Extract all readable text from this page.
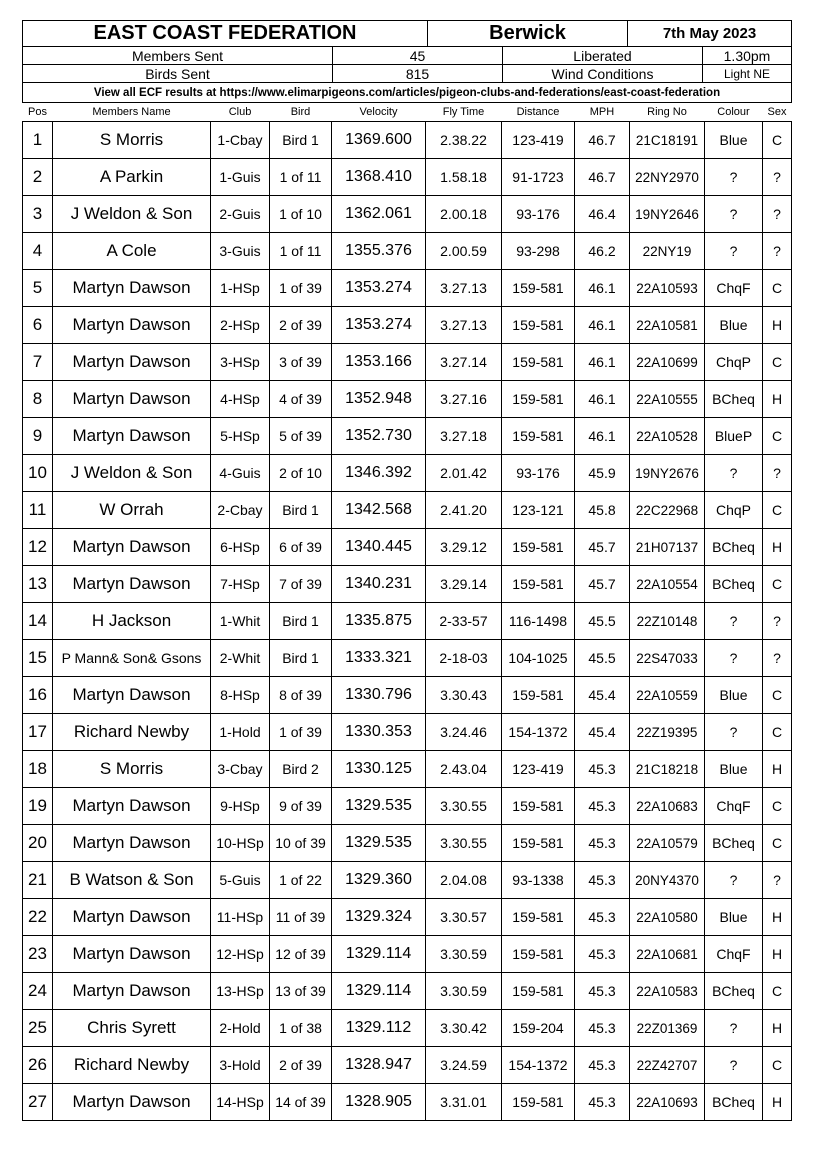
EAST COAST FEDERATION	Berwick	7th May 2023
Members Sent	45	Liberated	1.30pm
Birds Sent	815	Wind Conditions	Light NE
View all ECF results at https://www.elimarpigeons.com/articles/pigeon-clubs-and-federations/east-coast-federation			
Pos	Members Name	Club	Bird	Velocity	Fly Time	Distance	MPH	Ring No	Colour	Sex
1	S Morris	1-Cbay	Bird 1	1369.600	2.38.22	123-419	46.7	21C18191	Blue	C
2	A Parkin	1-Guis	1 of 11	1368.410	1.58.18	91-1723	46.7	22NY2970	?	?
3	J Weldon & Son	2-Guis	1 of 10	1362.061	2.00.18	93-176	46.4	19NY2646	?	?
4	A Cole	3-Guis	1 of 11	1355.376	2.00.59	93-298	46.2	22NY19	?	?
5	Martyn Dawson	1-HSp	1 of 39	1353.274	3.27.13	159-581	46.1	22A10593	ChqF	C
6	Martyn Dawson	2-HSp	2 of 39	1353.274	3.27.13	159-581	46.1	22A10581	Blue	H
7	Martyn Dawson	3-HSp	3 of 39	1353.166	3.27.14	159-581	46.1	22A10699	ChqP	C
8	Martyn Dawson	4-HSp	4 of 39	1352.948	3.27.16	159-581	46.1	22A10555	BCheq	H
9	Martyn Dawson	5-HSp	5 of 39	1352.730	3.27.18	159-581	46.1	22A10528	BlueP	C
10	J Weldon & Son	4-Guis	2 of 10	1346.392	2.01.42	93-176	45.9	19NY2676	?	?
11	W Orrah	2-Cbay	Bird 1	1342.568	2.41.20	123-121	45.8	22C22968	ChqP	C
12	Martyn Dawson	6-HSp	6 of 39	1340.445	3.29.12	159-581	45.7	21H07137	BCheq	H
13	Martyn Dawson	7-HSp	7 of 39	1340.231	3.29.14	159-581	45.7	22A10554	BCheq	C
14	H Jackson	1-Whit	Bird 1	1335.875	2-33-57	116-1498	45.5	22Z10148	?	?
15	P Mann& Son& Gsons	2-Whit	Bird 1	1333.321	2-18-03	104-1025	45.5	22S47033	?	?
16	Martyn Dawson	8-HSp	8 of 39	1330.796	3.30.43	159-581	45.4	22A10559	Blue	C
17	Richard Newby	1-Hold	1 of 39	1330.353	3.24.46	154-1372	45.4	22Z19395	?	C
18	S Morris	3-Cbay	Bird 2	1330.125	2.43.04	123-419	45.3	21C18218	Blue	H
19	Martyn Dawson	9-HSp	9 of 39	1329.535	3.30.55	159-581	45.3	22A10683	ChqF	C
20	Martyn Dawson	10-HSp	10 of 39	1329.535	3.30.55	159-581	45.3	22A10579	BCheq	C
21	B Watson & Son	5-Guis	1 of 22	1329.360	2.04.08	93-1338	45.3	20NY4370	?	?
22	Martyn Dawson	11-HSp	11 of 39	1329.324	3.30.57	159-581	45.3	22A10580	Blue	H
23	Martyn Dawson	12-HSp	12 of 39	1329.114	3.30.59	159-581	45.3	22A10681	ChqF	H
24	Martyn Dawson	13-HSp	13 of 39	1329.114	3.30.59	159-581	45.3	22A10583	BCheq	C
25	Chris Syrett	2-Hold	1 of 38	1329.112	3.30.42	159-204	45.3	22Z01369	?	H
26	Richard Newby	3-Hold	2 of 39	1328.947	3.24.59	154-1372	45.3	22Z42707	?	C
27	Martyn Dawson	14-HSp	14 of 39	1328.905	3.31.01	159-581	45.3	22A10693	BCheq	H
